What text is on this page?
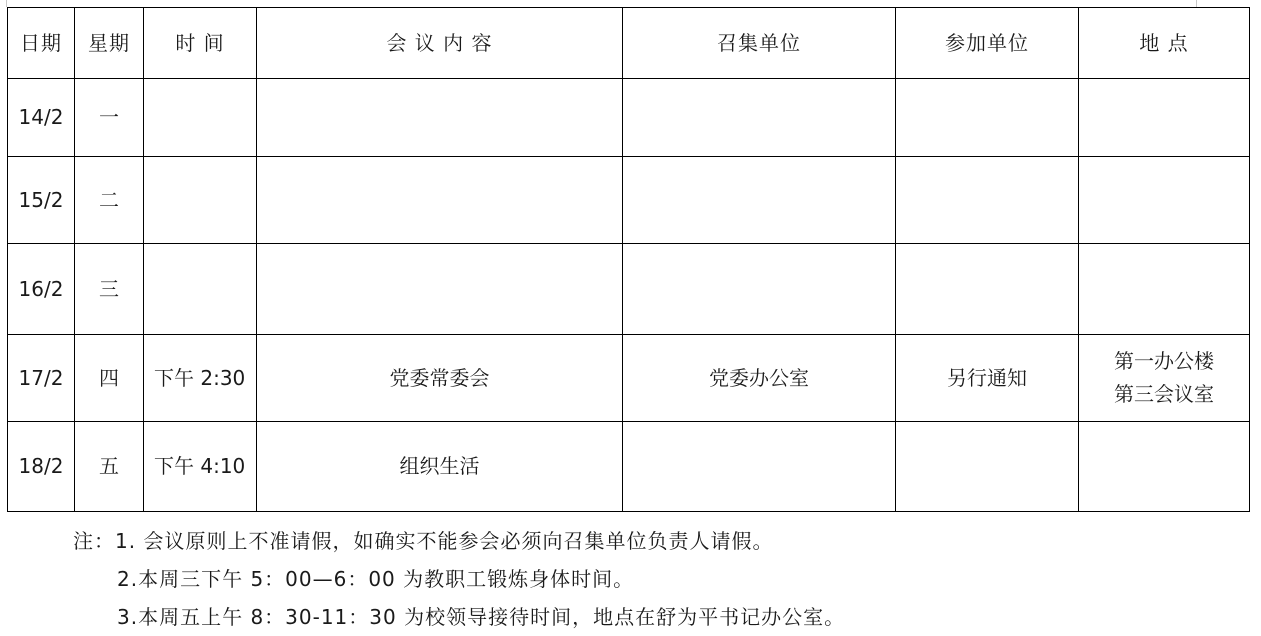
日期	星期	时 间	会 议 内 容	召集单位	参加单位	地 点
14/2	一					

15/2	二					

16/2	三					

17/2	四	下午 2:30	党委常委会	党委办公室	另行通知	第一办公楼
第三会议室

18/2	五	下午 4:10	组织生活			
注：1. 会议原则上不准请假，如确实不能参会必须向召集单位负责人请假。
2.本周三下午 5：00—6：00 为教职工锻炼身体时间。
3.本周五上午 8：30-11：30 为校领导接待时间，地点在舒为平书记办公室。
